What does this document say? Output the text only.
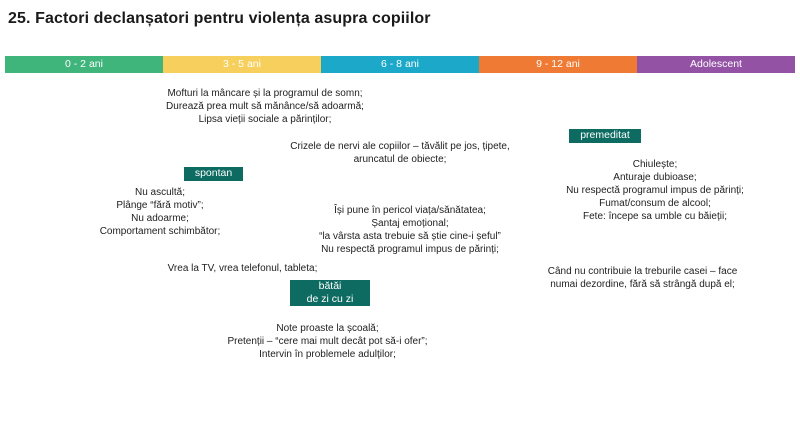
25. Factori declanșatori pentru violența asupra copiilor
0 - 2 ani	3 - 5 ani	6 - 8 ani	9 - 12 ani	Adolescent
Mofturi la mâncare și la programul de somn;
Durează prea mult să mănânce/să adoarmă;
Lipsa vieții sociale a părinților;
premeditat
Crizele de nervi ale copiilor – tăvălit pe jos, țipete,
aruncatul de obiecte;	Chiulește;
Anturaje dubioase;
Nu respectă programul impus de părinți;
Fumat/consum de alcool;
Fete: începe sa umble cu băieții;
spontan
Nu ascultă;
Plânge “fără motiv”;
Nu adoarme;
Comportament schimbător;
Își pune în pericol viața/sănătatea;
Șantaj emoțional;
“la vârsta asta trebuie să știe cine-i șeful”
Nu respectă programul impus de părinți;
Vrea la TV, vrea telefonul, tableta;	Când nu contribuie la treburile casei – face
numai dezordine, fără să strângă după el;
bătăi
de zi cu zi
Note proaste la școală;
Pretenții – “cere mai mult decât pot să-i ofer”;
Intervin în problemele adulților;
